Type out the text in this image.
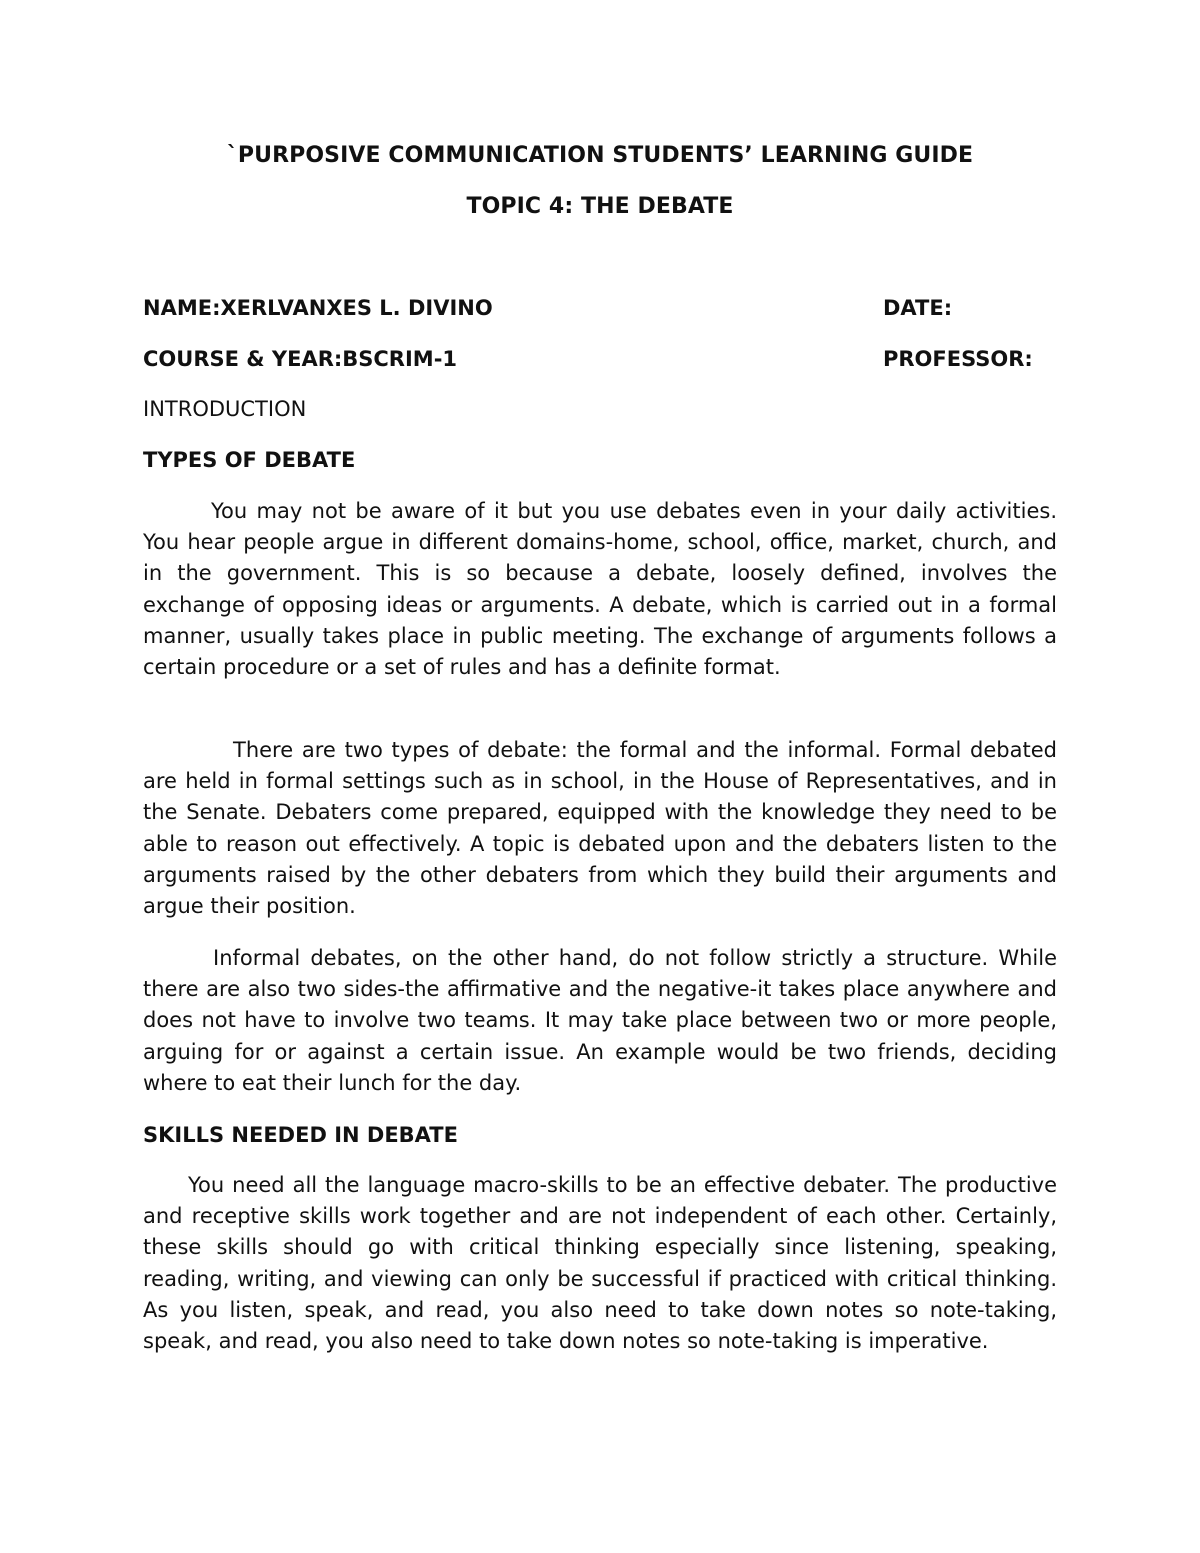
`PURPOSIVE COMMUNICATION STUDENTS’ LEARNING GUIDE
TOPIC 4: THE DEBATE
NAME:XERLVANXES L. DIVINO	DATE:
COURSE & YEAR:BSCRIM-1	PROFESSOR:
INTRODUCTION
TYPES OF DEBATE

You may not be aware of it but you use debates even in your daily activities. You hear people argue in different domains-home, school, office, market, church, and in the government. This is so because a debate, loosely defined, involves the exchange of opposing ideas or arguments. A debate, which is carried out in a formal manner, usually takes place in public meeting. The exchange of arguments follows a certain procedure or a set of rules and has a definite format.

There are two types of debate: the formal and the informal. Formal debated are held in formal settings such as in school, in the House of Representatives, and in the Senate. Debaters come prepared, equipped with the knowledge they need to be able to reason out effectively. A topic is debated upon and the debaters listen to the arguments raised by the other debaters from which they build their arguments and argue their position.

Informal debates, on the other hand, do not follow strictly a structure. While there are also two sides-the affirmative and the negative-it takes place anywhere and does not have to involve two teams. It may take place between two or more people, arguing for or against a certain issue. An example would be two friends, deciding where to eat their lunch for the day.

SKILLS NEEDED IN DEBATE

You need all the language macro-skills to be an effective debater. The productive and receptive skills work together and are not independent of each other. Certainly, these skills should go with critical thinking especially since listening, speaking, reading, writing, and viewing can only be successful if practiced with critical thinking. As you listen, speak, and read, you also need to take down notes so note-taking, speak, and read, you also need to take down notes so note-taking is imperative.
